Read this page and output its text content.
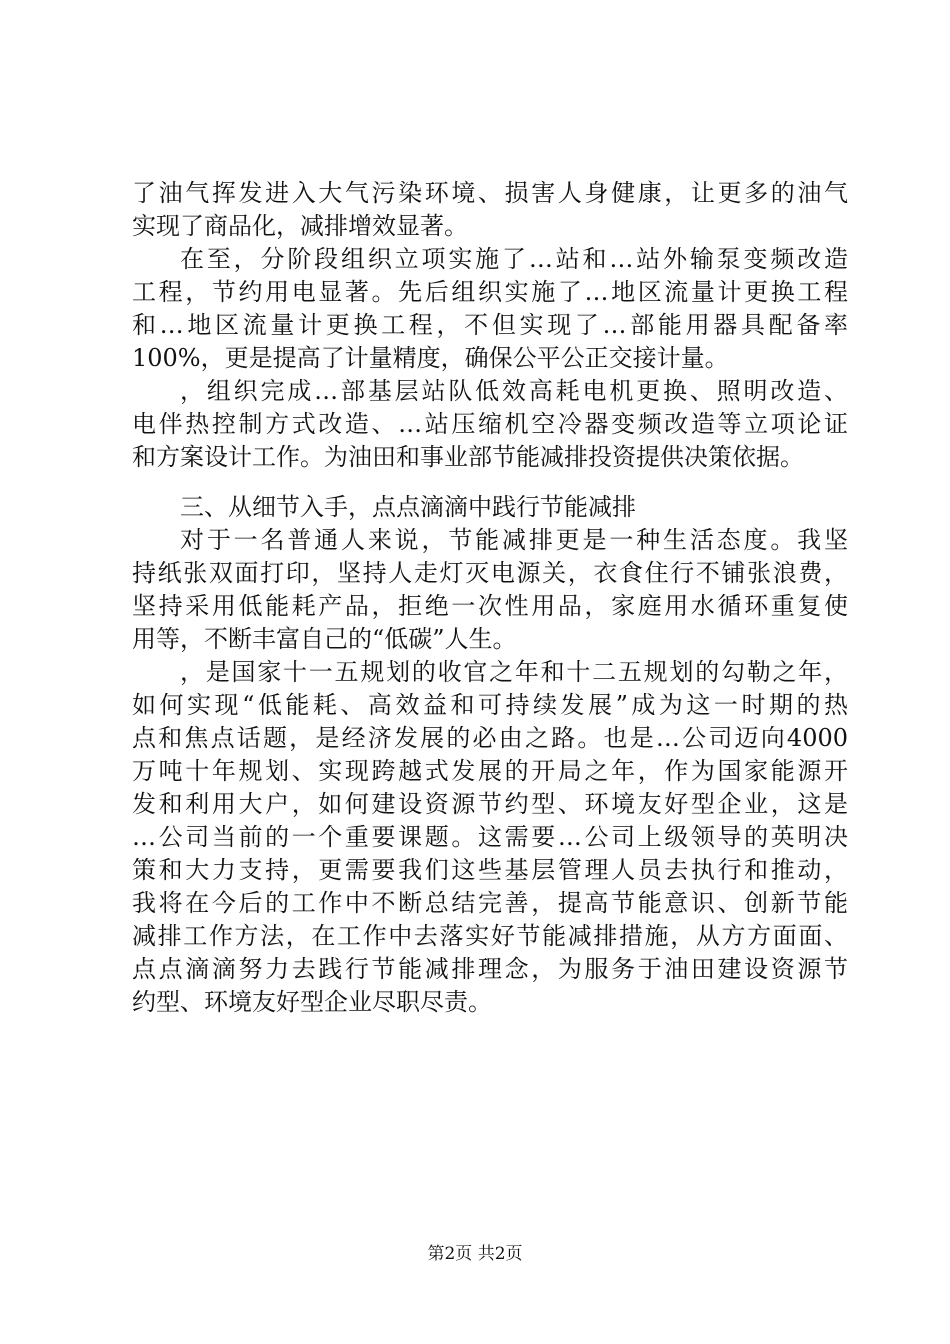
了油气挥发进入大气污染环境、损害人身健康，让更多的油气
实现了商品化，减排增效显著。
在至，分阶段组织立项实施了…站和…站外输泵变频改造
工程，节约用电显著。先后组织实施了…地区流量计更换工程
和…地区流量计更换工程，不但实现了…部能用器具配备率
100%，更是提高了计量精度，确保公平公正交接计量。
，组织完成…部基层站队低效高耗电机更换、照明改造、
电伴热控制方式改造、…站压缩机空冷器变频改造等立项论证
和方案设计工作。为油田和事业部节能减排投资提供决策依据。
三、从细节入手，点点滴滴中践行节能减排
对于一名普通人来说，节能减排更是一种生活态度。我坚
持纸张双面打印，坚持人走灯灭电源关，衣食住行不铺张浪费，
坚持采用低能耗产品，拒绝一次性用品，家庭用水循环重复使
用等，不断丰富自己的“低碳”人生。
，是国家十一五规划的收官之年和十二五规划的勾勒之年，
如何实现“低能耗、高效益和可持续发展”成为这一时期的热
点和焦点话题，是经济发展的必由之路。也是…公司迈向4000
万吨十年规划、实现跨越式发展的开局之年，作为国家能源开
发和利用大户，如何建设资源节约型、环境友好型企业，这是
…公司当前的一个重要课题。这需要…公司上级领导的英明决
策和大力支持，更需要我们这些基层管理人员去执行和推动，
我将在今后的工作中不断总结完善，提高节能意识、创新节能
减排工作方法，在工作中去落实好节能减排措施，从方方面面、
点点滴滴努力去践行节能减排理念，为服务于油田建设资源节
约型、环境友好型企业尽职尽责。
第2页 共2页
